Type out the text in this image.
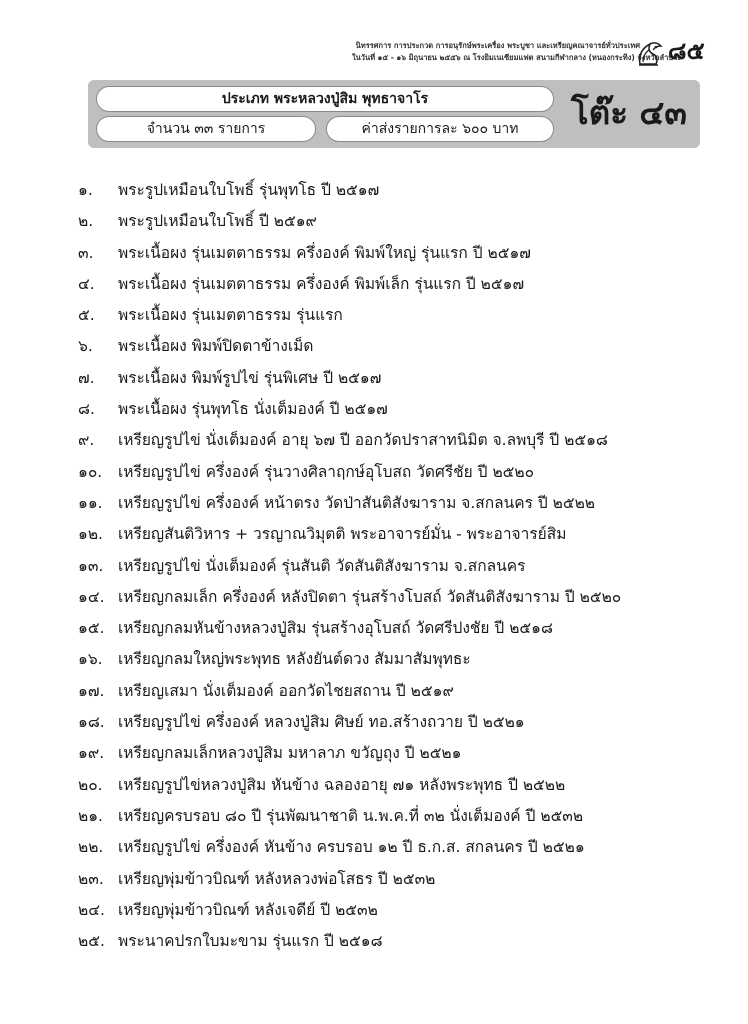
นิทรรศการ การประกวด การอนุรักษ์พระเครื่อง พระบูชา และเหรียญคณาจารย์ทั่วประเทศ
ในวันที่ ๑๕ - ๑๖ มิถุนายน ๒๕๕๖ ณ โรงยิมเนเซียมแฟต สนามกีฬากลาง (หนองกระทิง) จังหวัดลำปาง
๘๕
ประเภท พระหลวงปู่สิม พุทธาจาโร
จำนวน ๓๓ รายการ	ค่าส่งรายการละ ๖๐๐ บาท	โต๊ะ ๔๓
๑.	พระรูปเหมือนใบโพธิ์ รุ่นพุทโธ ปี ๒๕๑๗
๒.	พระรูปเหมือนใบโพธิ์ ปี ๒๕๑๙
๓.	พระเนื้อผง รุ่นเมตตาธรรม ครึ่งองค์ พิมพ์ใหญ่ รุ่นแรก ปี ๒๕๑๗
๔.	พระเนื้อผง รุ่นเมตตาธรรม ครึ่งองค์ พิมพ์เล็ก รุ่นแรก ปี ๒๕๑๗
๕.	พระเนื้อผง รุ่นเมตตาธรรม รุ่นแรก
๖.	พระเนื้อผง พิมพ์ปิดตาข้างเม็ด
๗.	พระเนื้อผง พิมพ์รูปไข่ รุ่นพิเศษ ปี ๒๕๑๗
๘.	พระเนื้อผง รุ่นพุทโธ นั่งเต็มองค์ ปี ๒๕๑๗
๙.	เหรียญรูปไข่ นั่งเต็มองค์ อายุ ๖๗ ปี ออกวัดปราสาทนิมิต จ.ลพบุรี ปี ๒๕๑๘
๑๐.	เหรียญรูปไข่ ครึ่งองค์ รุ่นวางศิลาฤกษ์อุโบสถ วัดศรีชัย ปี ๒๕๒๐
๑๑. เหรียญรูปไข่ ครึ่งองค์ หน้าตรง วัดป่าสันติสังฆาราม จ.สกลนคร ปี ๒๕๒๒
๑๒. เหรียญสันติวิหาร + วรญาณวิมุตติ พระอาจารย์มั่น - พระอาจารย์สิม
๑๓. เหรียญรูปไข่ นั่งเต็มองค์ รุ่นสันติ วัดสันติสังฆาราม จ.สกลนคร
๑๔. เหรียญกลมเล็ก ครึ่งองค์ หลังปิดตา รุ่นสร้างโบสถ์ วัดสันติสังฆาราม ปี ๒๕๒๐
๑๕. เหรียญกลมหันข้างหลวงปู่สิม รุ่นสร้างอุโบสถ์ วัดศรีปงชัย ปี ๒๕๑๘
๑๖. เหรียญกลมใหญ่พระพุทธ หลังยันต์ดวง สัมมาสัมพุทธะ
๑๗. เหรียญเสมา นั่งเต็มองค์ ออกวัดไชยสถาน ปี ๒๕๑๙
๑๘. เหรียญรูปไข่ ครึ่งองค์ หลวงปู่สิม ศิษย์ ทอ.สร้างถวาย ปี ๒๕๒๑
๑๙. เหรียญกลมเล็กหลวงปู่สิม มหาลาภ ขวัญถุง ปี ๒๕๒๑
๒๐. เหรียญรูปไข่หลวงปู่สิม หันข้าง ฉลองอายุ ๗๑ หลังพระพุทธ ปี ๒๕๒๒
๒๑. เหรียญครบรอบ ๘๐ ปี รุ่นพัฒนาชาติ น.พ.ค.ที่ ๓๒ นั่งเต็มองค์ ปี ๒๕๓๒
๒๒. เหรียญรูปไข่ ครึ่งองค์ หันข้าง ครบรอบ ๑๒ ปี ธ.ก.ส. สกลนคร ปี ๒๕๒๑
๒๓. เหรียญพุ่มข้าวบิณฑ์ หลังหลวงพ่อโสธร ปี ๒๕๓๒
๒๔. เหรียญพุ่มข้าวบิณฑ์ หลังเจดีย์ ปี ๒๕๓๒
๒๕. พระนาคปรกใบมะขาม รุ่นแรก ปี ๒๕๑๘
